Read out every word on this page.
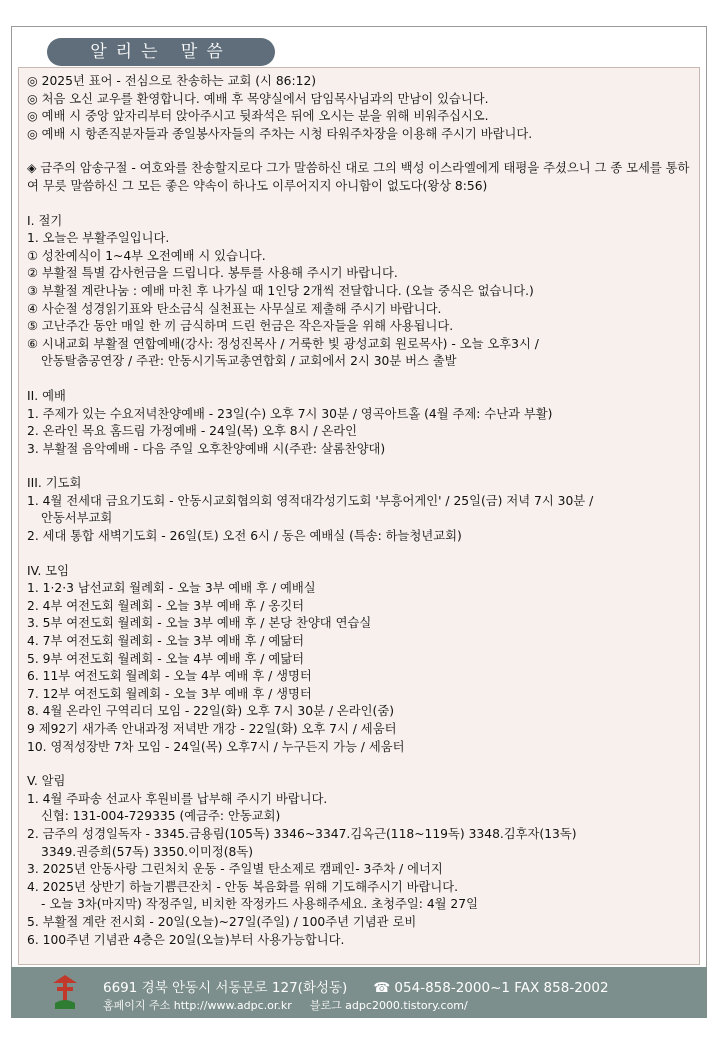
알리는 말씀

◎ 2025년 표어 - 전심으로 찬송하는 교회 (시 86:12)

◎ 처음 오신 교우를 환영합니다. 예배 후 목양실에서 담임목사님과의 만남이 있습니다.

◎ 예배 시 중앙 앞자리부터 앉아주시고 뒷좌석은 뒤에 오시는 분을 위해 비워주십시오.

◎ 예배 시 항존직분자들과 종일봉사자들의 주차는 시청 타워주차장을 이용해 주시기 바랍니다.

◈ 금주의 암송구절 - 여호와를 찬송할지로다 그가 말씀하신 대로 그의 백성 이스라엘에게 태평을 주셨으니 그 종 모세를 통하여 무릇 말씀하신 그 모든 좋은 약속이 하나도 이루어지지 아니함이 없도다(왕상 8:56)

I. 절기

1. 오늘은 부활주일입니다.

① 성찬예식이 1~4부 오전예배 시 있습니다.

② 부활절 특별 감사헌금을 드립니다. 봉투를 사용해 주시기 바랍니다.

③ 부활절 계란나눔 : 예배 마친 후 나가실 때 1인당 2개씩 전달합니다. (오늘 중식은 없습니다.)

④ 사순절 성경읽기표와 탄소금식 실천표는 사무실로 제출해 주시기 바랍니다.

⑤ 고난주간 동안 매일 한 끼 금식하며 드린 헌금은 작은자들을 위해 사용됩니다.

⑥ 시내교회 부활절 연합예배(강사: 정성진목사 / 거룩한 빛 광성교회 원로목사) - 오늘 오후3시 /

안동탈춤공연장 / 주관: 안동시기독교총연합회 / 교회에서 2시 30분 버스 출발

II. 예배

1. 주제가 있는 수요저녁찬양예배 - 23일(수) 오후 7시 30분 / 영곡아트홀 (4월 주제: 수난과 부활)

2. 온라인 목요 홈드림 가정예배 - 24일(목) 오후 8시 / 온라인

3. 부활절 음악예배 - 다음 주일 오후찬양예배 시(주관: 살롬찬양대)

III. 기도회

1. 4월 전세대 금요기도회 - 안동시교회협의회 영적대각성기도회 '부흥어게인' / 25일(금) 저녁 7시 30분 /

안동서부교회

2. 세대 통합 새벽기도회 - 26일(토) 오전 6시 / 동은 예배실 (특송: 하늘청년교회)

IV. 모임

1. 1·2·3 남선교회 월례회 - 오늘 3부 예배 후 / 예배실

2. 4부 여전도회 월례회 - 오늘 3부 예배 후 / 옹깃터

3. 5부 여전도회 월례회 - 오늘 3부 예배 후 / 본당 찬양대 연습실

4. 7부 여전도회 월례회 - 오늘 3부 예배 후 / 예닮터

5. 9부 여전도회 월례회 - 오늘 4부 예배 후 / 예닮터

6. 11부 여전도회 월례회 - 오늘 4부 예배 후 / 생명터

7. 12부 여전도회 월례회 - 오늘 3부 예배 후 / 생명터

8. 4월 온라인 구역리더 모임 - 22일(화) 오후 7시 30분 / 온라인(줌)

9 제92기 새가족 안내과정 저녁반 개강 - 22일(화) 오후 7시 / 세움터

10. 영적성장반 7차 모임 - 24일(목) 오후7시 / 누구든지 가능 / 세움터

V. 알림

1. 4월 주파송 선교사 후원비를 납부해 주시기 바랍니다.

신협: 131-004-729335 (예금주: 안동교회)

2. 금주의 성경일독자 - 3345.금용림(105독) 3346~3347.김옥근(118~119독) 3348.김후자(13독)

3349.권증희(57독) 3350.이미정(8독)

3. 2025년 안동사랑 그린처치 운동 - 주일별 탄소제로 캠페인- 3주차 / 에너지

4. 2025년 상반기 하늘기쁨큰잔치 - 안동 복음화를 위해 기도해주시기 바랍니다.

- 오늘 3차(마지막) 작정주일, 비치한 작정카드 사용해주세요. 초청주일: 4월 27일

5. 부활절 계란 전시회 - 20일(오늘)~27일(주일) / 100주년 기념관 로비

6. 100주년 기념관 4층은 20일(오늘)부터 사용가능합니다.

6691 경북 안동시 서동문로 127(화성동) ☎ 054-858-2000~1 FAX 858-2002
홈페이지 주소 http://www.adpc.or.kr 블로그 adpc2000.tistory.com/
